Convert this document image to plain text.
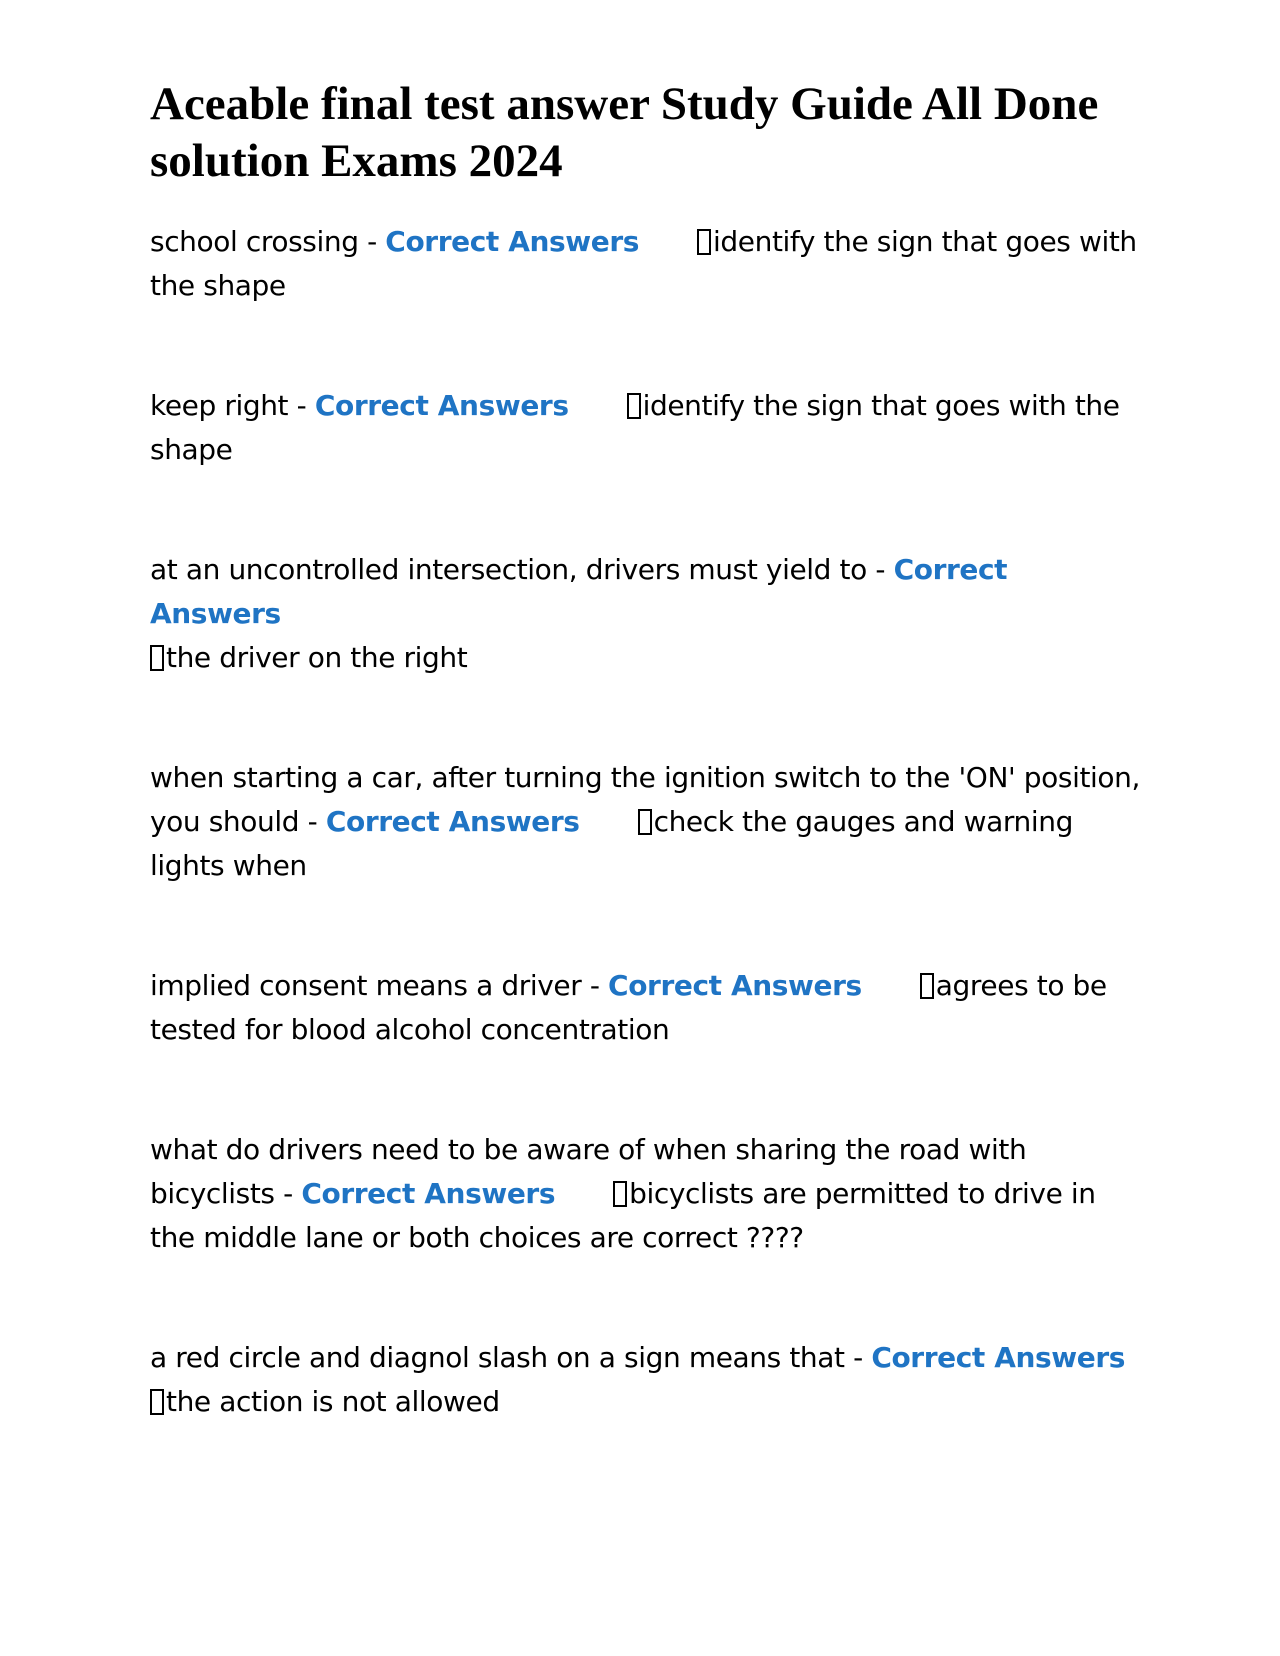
Aceable final test answer Study Guide All Done solution Exams 2024

school crossing - Correct Answers	identify the sign that goes with the shape

keep right - Correct Answers	identify the sign that goes with the shape

at an uncontrolled intersection, drivers must yield to - Correct Answers
the driver on the right

when starting a car, after turning the ignition switch to the 'ON' position, you should - Correct Answers	check the gauges and warning lights when

implied consent means a driver - Correct Answers	agrees to be tested for blood alcohol concentration

what do drivers need to be aware of when sharing the road with bicyclists - Correct Answers	bicyclists are permitted to drive in the middle lane or both choices are correct ????

a red circle and diagnol slash on a sign means that - Correct Answers
the action is not allowed
